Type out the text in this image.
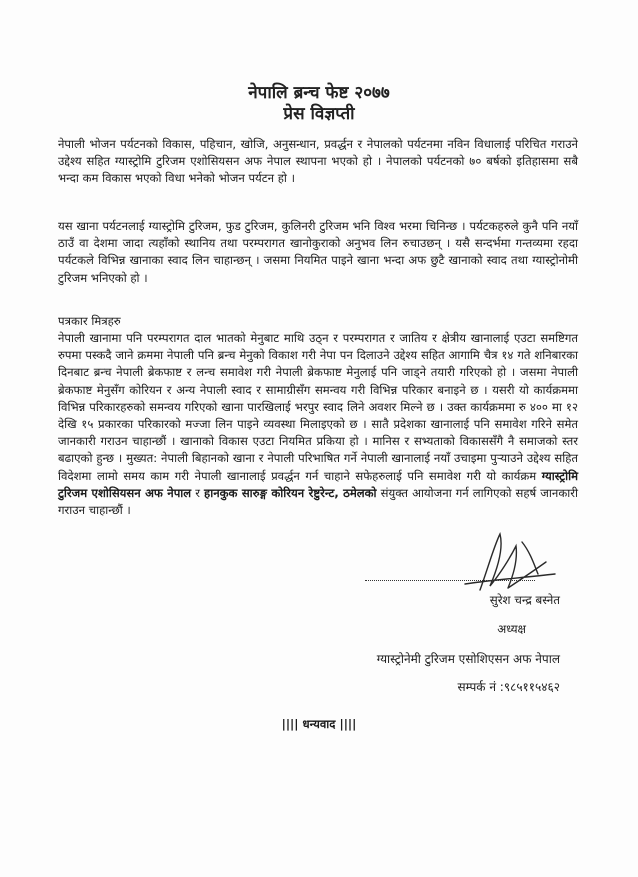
नेपालि ब्रन्च फेष्ट २०७७
प्रेस विज्ञप्ती

नेपाली भोजन पर्यटनको विकास, पहिचान, खोजि, अनुसन्धान, प्रवर्द्धन र नेपालको पर्यटनमा नविन विधालाई परिचित गराउने उद्देश्य सहित ग्यास्ट्रोमि टुरिजम एशोसियसन अफ नेपाल स्थापना भएको हो । नेपालको पर्यटनको ७० बर्षको इतिहासमा सबै भन्दा कम विकास भएको विधा भनेको भोजन पर्यटन हो ।

यस खाना पर्यटनलाई ग्यास्ट्रोमि टुरिजम, फुड टुरिजम, कुलिनरी टुरिजम भनि विश्व भरमा चिनिन्छ । पर्यटकहरुले कुनै पनि नयाँ ठाउँ वा देशमा जादा त्यहाँको स्थानिय तथा परम्परागत खानोकुराको अनुभव लिन रुचाउछन् । यसै सन्दर्भमा गन्तव्यमा रहदा पर्यटकले विभिन्न खानाका स्वाद लिन चाहान्छन् । जसमा नियमित पाइने खाना भन्दा अफ छुटै खानाको स्वाद तथा ग्यास्ट्रोनोमी टुरिजम भनिएको हो ।

पत्रकार मित्रहरु

नेपाली खानामा पनि परम्परागत दाल भातको मेनुबाट माथि उठ्न र परम्परागत र जातिय र क्षेत्रीय खानालाई एउटा समष्टिगत रुपमा पस्कदै जाने क्रममा नेपाली पनि ब्रन्च मेनुको विकाश गरी नेपा पन दिलाउने उद्देश्य सहित आगामि चैत्र १४ गते शनिबारका दिनबाट ब्रन्च नेपाली ब्रेकफाष्ट र लन्च समावेश गरी नेपाली ब्रेकफाष्ट मेनुलाई पनि जाड्ने तयारी गरिएको हो । जसमा नेपाली ब्रेकफाष्ट मेनुसँग कोरियन र अन्य नेपाली स्वाद र सामाग्रीसँग समन्वय गरी विभिन्न परिकार बनाइने छ । यसरी यो कार्यक्रममा विभिन्न परिकारहरुको समन्वय गरिएको खाना पारखिलाई भरपुर स्वाद लिने अवशर मिल्ने छ । उक्त कार्यक्रममा रु ४०० मा १२ देखि १५ प्रकारका परिकारको मज्जा लिन पाइने व्यवस्था मिलाइएको छ । सातै प्रदेशका खानालाई पनि समावेश गरिने समेत जानकारी गराउन चाहान्छौं । खानाको विकास एउटा नियमित प्रकिया हो । मानिस र सभ्यताको विकाससँगै नै समाजको स्तर बढाएको हुन्छ । मुख्यत: नेपाली बिहानको खाना र नेपाली परिभाषित गर्ने नेपाली खानालाई नयाँ उचाइमा पुऱ्याउने उद्देश्य सहित विदेशमा लामो समय काम गरी नेपाली खानालाई प्रवर्द्धन गर्न चाहाने सफेहरुलाई पनि समावेश गरी यो कार्यक्रम ग्यास्ट्रोमि टुरिजम एशोसियसन अफ नेपाल र हानकुक सारुङ्ग कोरियन रेष्टुरेन्ट, ठमेलको संयुक्त आयोजना गर्न लागिएको सहर्ष जानकारी गराउन चाहान्छौं ।

सुरेश चन्द्र बस्नेत
अध्यक्ष
ग्यास्ट्रोनेमी टुरिजम एसोशिएसन अफ नेपाल
सम्पर्क नं :९८५११५४६२
|||| धन्यवाद ||||
